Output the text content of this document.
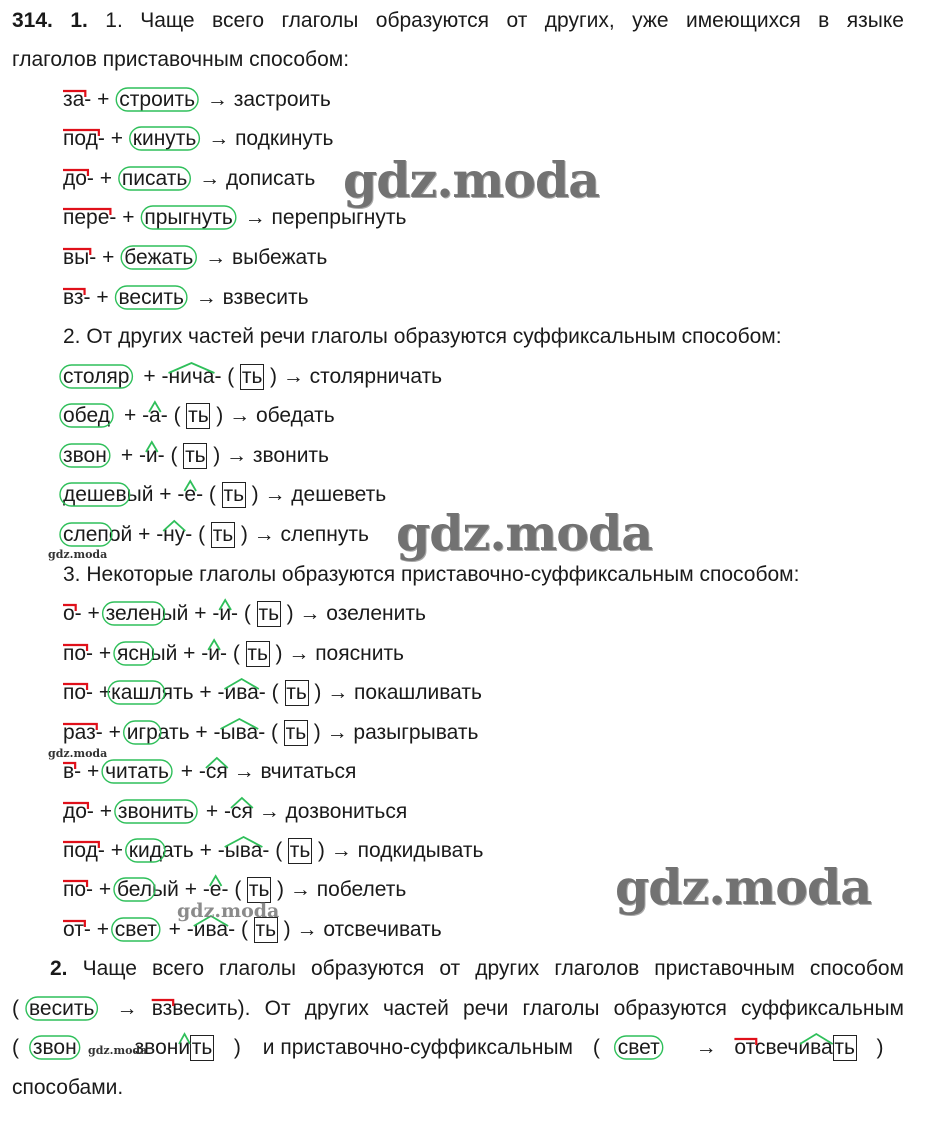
314. 1. 1. Чаще всего глаголы образуются от других, уже имеющихся в языке
глаголов приставочным способом:
за- + строить → застроить
под- + кинуть → подкинуть
до- + писать → дописать
пере- + прыгнуть → перепрыгнуть
вы- + бежать → выбежать
вз- + весить → взвесить
2. От других частей речи глаголы образуются суффиксальным способом:
столяр + -нича- ( ть ) → столярничать
обед + -а- ( ть ) → обедать
звон + -и- ( ть ) → звонить
дешевый + -е- ( ть ) → дешеветь
слепой + -ну- ( ть ) → слепнуть
3. Некоторые глаголы образуются приставочно-суффиксальным способом:
о- + зеленый + -и- ( ть ) → озеленить
по- + ясный + -и- ( ть ) → пояснить
по- +кашлять + -ива- ( ть ) → покашливать
раз- + играть + -ыва- ( ть ) → разыгрывать
в- + читать + -ся → вчитаться
до- + звонить + -ся → дозвониться
под- + кидать + -ыва- ( ть ) → подкидывать
по- + белый + -е- ( ть ) → побелеть
от- + свет + -ива- ( ть ) → отсвечивать
2. Чаще всего глаголы образуются от других глаголов приставочным способом
( весить → взвесить). От других частей речи глаголы образуются суффиксальным
( звон	звонить ) и приставочно-суффиксальным ( свет → отсвечивать )
способами.
gdz.moda
gdz.moda
gdz.moda
gdz.moda
gdz.moda
gdz.moda
gdz.moda
